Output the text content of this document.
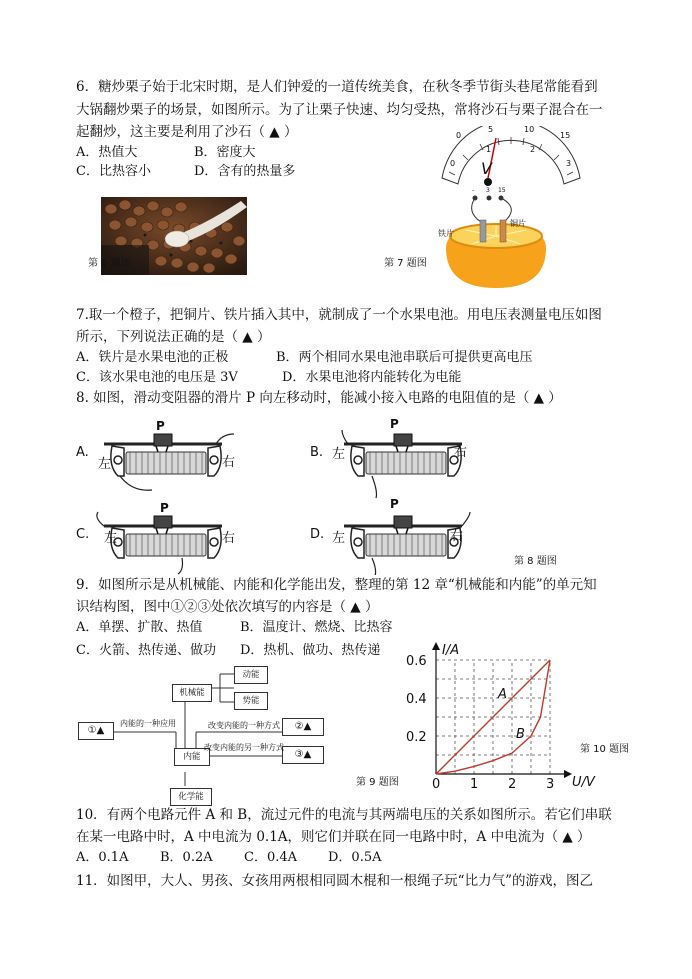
6．糖炒栗子始于北宋时期，是人们钟爱的一道传统美食，在秋冬季节街头巷尾常能看到
大锅翻炒栗子的场景，如图所示。为了让栗子快速、均匀受热，常将沙石与栗子混合在一
起翻炒，这主要是利用了沙石（ ▲ ）
A．热值大	B．密度大
C．比热容小	D．含有的热量多
第 6 题图
0
1	2
3
0
5	10
15
V
- 3 15
铁片
铜片
第 7 题图
7.取一个橙子，把铜片、铁片插入其中，就制成了一个水果电池。用电压表测量电压如图
所示，下列说法正确的是（ ▲ ）
A．铁片是水果电池的正极	B．两个相同水果电池串联后可提供更高电压
C．该水果电池的电压是 3V	D．水果电池将内能转化为电能
8. 如图，滑动变阻器的滑片 P 向左移动时，能减小接入电路的电阻值的是（ ▲ ）
A.	B.
C.	D.
左	右
左	右
左	右	左	右
P	P
P	P
第 8 题图
9．如图所示是从机械能、内能和化学能出发，整理的第 12 章“机械能和内能”的单元知
识结构图，图中①②③处依次填写的内容是（ ▲ ）
A．单摆、扩散、热值	B．温度计、燃烧、比热容
C．火箭、热传递、做功 D．热机、做功、热传递
机械能
动能
势能
内能
化学能
①▲	②▲
③▲
内能的一种应用	改变内能的一种方式
改变内能的另一种方式
第 9 题图
I/A
U/V
0 1 2 3
0.2
0.4
0.6
A
B
第 10 题图
10．有两个电路元件 A 和 B，流过元件的电流与其两端电压的关系如图所示。若它们串联
在某一电路中时，A 中电流为 0.1A，则它们并联在同一电路中时，A 中电流为（ ▲ ）
A．0.1A B．0.2A C．0.4A D．0.5A
11．如图甲，大人、男孩、女孩用两根相同圆木棍和一根绳子玩“比力气”的游戏，图乙
